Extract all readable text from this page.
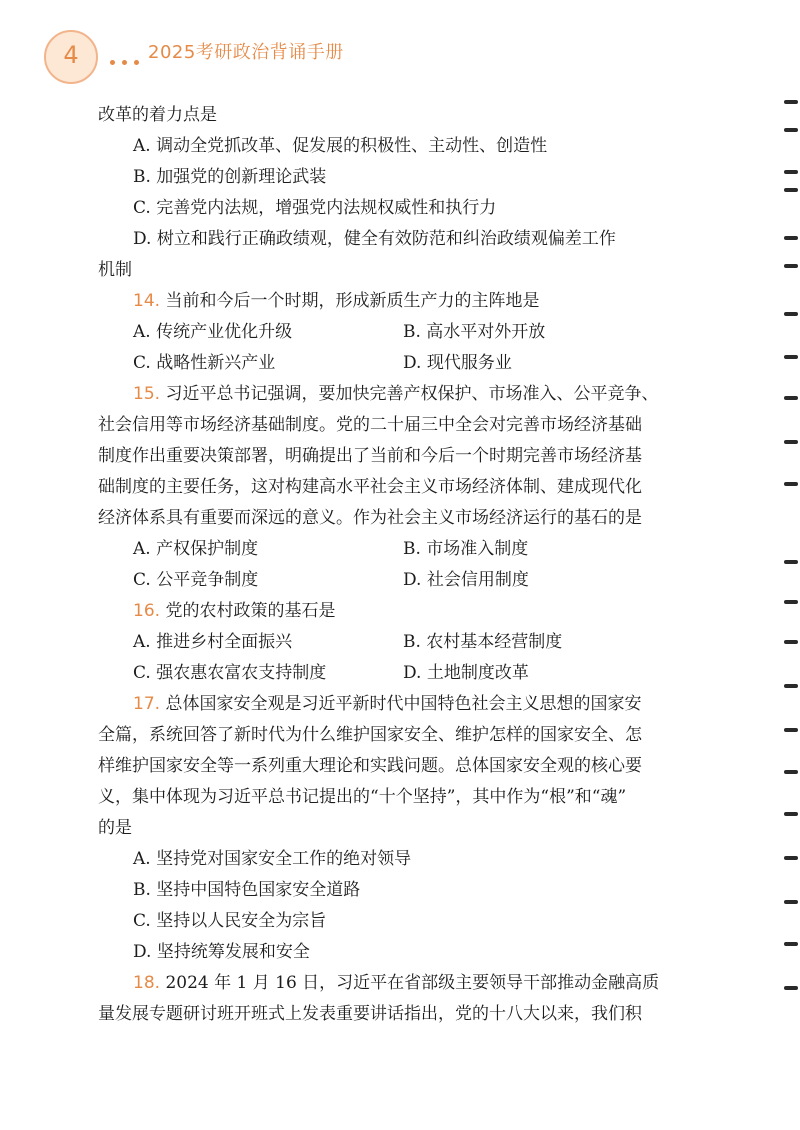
4	2025考研政治背诵手册
改革的着力点是
A. 调动全党抓改革、促发展的积极性、主动性、创造性
B. 加强党的创新理论武装
C. 完善党内法规，增强党内法规权威性和执行力
D. 树立和践行正确政绩观，健全有效防范和纠治政绩观偏差工作
机制
14. 当前和今后一个时期，形成新质生产力的主阵地是
A. 传统产业优化升级	B. 高水平对外开放
C. 战略性新兴产业	D. 现代服务业
15. 习近平总书记强调，要加快完善产权保护、市场准入、公平竞争、
社会信用等市场经济基础制度。党的二十届三中全会对完善市场经济基础
制度作出重要决策部署，明确提出了当前和今后一个时期完善市场经济基
础制度的主要任务，这对构建高水平社会主义市场经济体制、建成现代化
经济体系具有重要而深远的意义。作为社会主义市场经济运行的基石的是
A. 产权保护制度	B. 市场准入制度
C. 公平竞争制度	D. 社会信用制度
16. 党的农村政策的基石是
A. 推进乡村全面振兴	B. 农村基本经营制度
C. 强农惠农富农支持制度	D. 土地制度改革
17. 总体国家安全观是习近平新时代中国特色社会主义思想的国家安
全篇，系统回答了新时代为什么维护国家安全、维护怎样的国家安全、怎
样维护国家安全等一系列重大理论和实践问题。总体国家安全观的核心要
义，集中体现为习近平总书记提出的“十个坚持”，其中作为“根”和“魂”
的是
A. 坚持党对国家安全工作的绝对领导
B. 坚持中国特色国家安全道路
C. 坚持以人民安全为宗旨
D. 坚持统筹发展和安全
18. 2024 年 1 月 16 日，习近平在省部级主要领导干部推动金融高质
量发展专题研讨班开班式上发表重要讲话指出，党的十八大以来，我们积
